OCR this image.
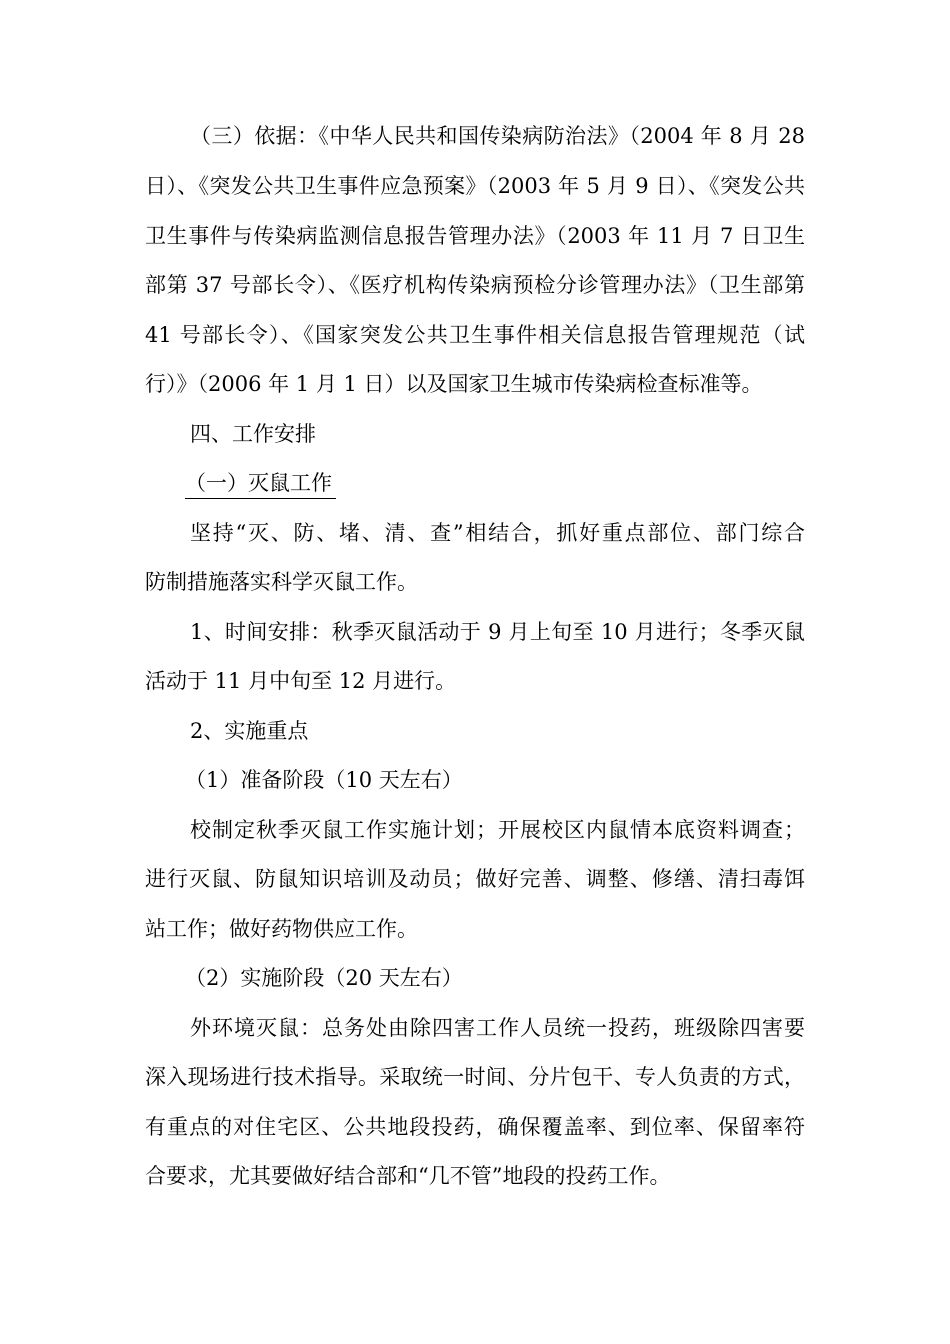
（三）依据：《中华人民共和国传染病防治法》（2004 年 8 月 28
日）、《突发公共卫生事件应急预案》（2003 年 5 月 9 日）、《突发公共
卫生事件与传染病监测信息报告管理办法》（2003 年 11 月 7 日卫生
部第 37 号部长令）、《医疗机构传染病预检分诊管理办法》（卫生部第
41 号部长令）、《国家突发公共卫生事件相关信息报告管理规范（试
行）》（2006 年 1 月 1 日）以及国家卫生城市传染病检查标准等。
四、工作安排
（一）灭鼠工作
坚持“灭、防、堵、清、查”相结合，抓好重点部位、部门综合
防制措施落实科学灭鼠工作。
1、时间安排：秋季灭鼠活动于 9 月上旬至 10 月进行；冬季灭鼠
活动于 11 月中旬至 12 月进行。
2、实施重点
（1）准备阶段（10 天左右）
校制定秋季灭鼠工作实施计划；开展校区内鼠情本底资料调查；
进行灭鼠、防鼠知识培训及动员；做好完善、调整、修缮、清扫毒饵
站工作；做好药物供应工作。
（2）实施阶段（20 天左右）
外环境灭鼠：总务处由除四害工作人员统一投药，班级除四害要
深入现场进行技术指导。采取统一时间、分片包干、专人负责的方式，
有重点的对住宅区、公共地段投药，确保覆盖率、到位率、保留率符
合要求，尤其要做好结合部和“几不管”地段的投药工作。
